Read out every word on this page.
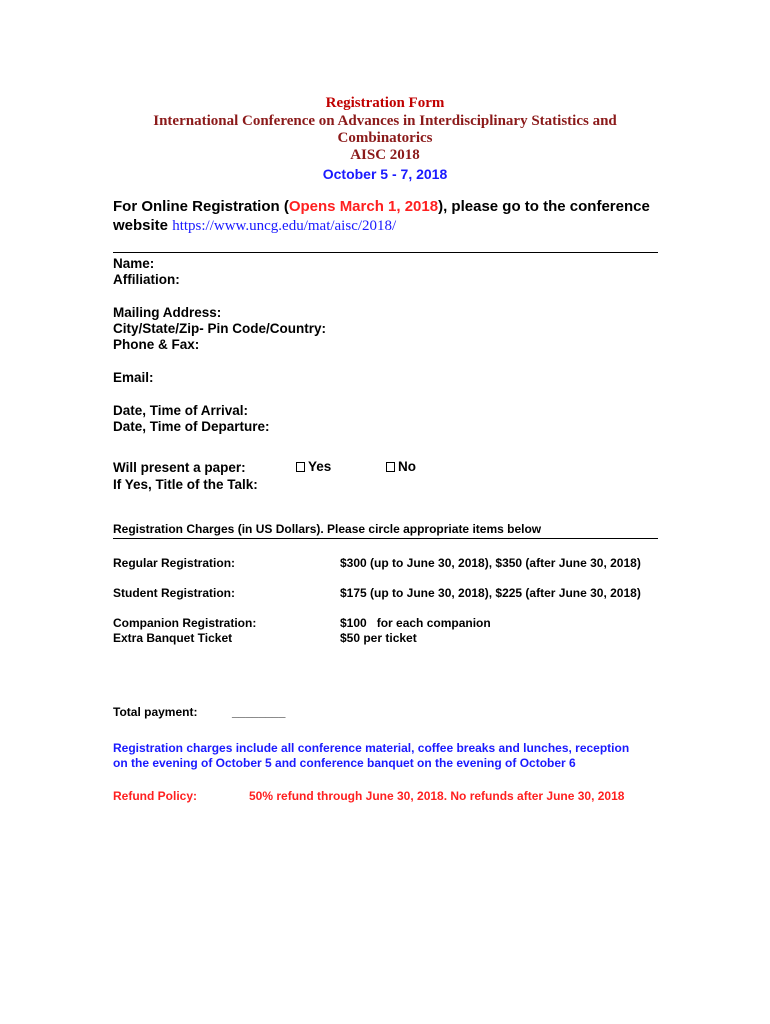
Registration Form
International Conference on Advances in Interdisciplinary Statistics and
Combinatorics
AISC 2018
October 5 - 7, 2018
For Online Registration (Opens March 1, 2018), please go to the conference
website https://www.uncg.edu/mat/aisc/2018/
Name:
Affiliation:
Mailing Address:
City/State/Zip- Pin Code/Country:
Phone & Fax:
Email:
Date, Time of Arrival:
Date, Time of Departure:
Will present a paper:	Yes	No
If Yes, Title of the Talk:
Registration Charges (in US Dollars). Please circle appropriate items below
Regular Registration:	$300 (up to June 30, 2018), $350 (after June 30, 2018)
Student Registration:	$175 (up to June 30, 2018), $225 (after June 30, 2018)
Companion Registration:	$100   for each companion
Extra Banquet Ticket	$50 per ticket
Total payment:	________
Registration charges include all conference material, coffee breaks and lunches, reception
on the evening of October 5 and conference banquet on the evening of October 6
Refund Policy:	50% refund through June 30, 2018. No refunds after June 30, 2018
